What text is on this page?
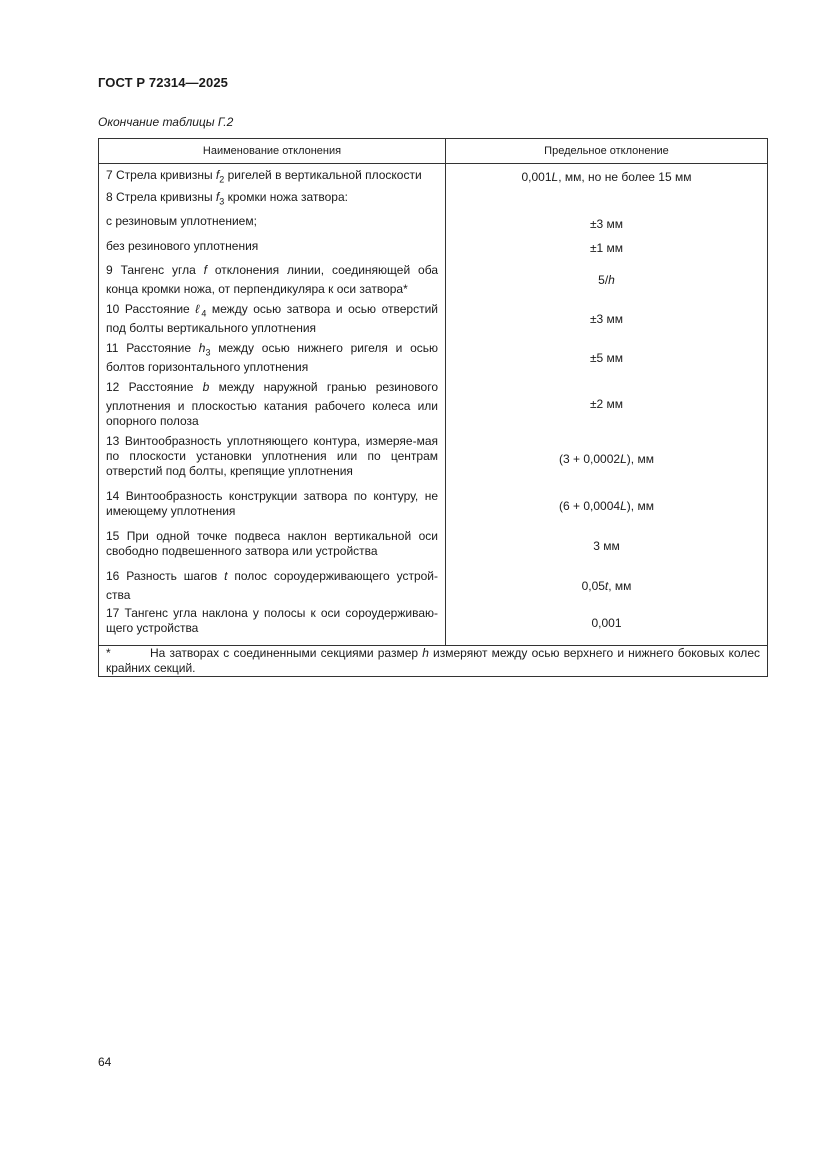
ГОСТ Р 72314—2025
Окончание таблицы Г.2
Наименование отклонения	Предельное отклонение
7 Стрела кривизны $f_2$ ригелей в вертикальной плоскости	0,001L, мм, но не более 15 мм
8 Стрела кривизны $f_3$ кромки ножа затвора:	
с резиновым уплотнением;	±3 мм
без резинового уплотнения	±1 мм
9 Тангенс угла f отклонения линии, соединяющей оба конца кромки ножа, от перпендикуляра к оси затвора*	5/h
10 Расстояние ℓ$_4$ между осью затвора и осью отверстий под болты вертикального уплотнения	±3 мм
11 Расстояние $h_3$ между осью нижнего ригеля и осью болтов горизонтального уплотнения	±5 мм
12 Расстояние b между наружной гранью резинового уплотнения и плоскостью катания рабочего колеса или опорного полоза	±2 мм
13 Винтообразность уплотняющего контура, измеряе-мая по плоскости установки уплотнения или по центрам отверстий под болты, крепящие уплотнения	(3 + 0,0002L), мм
14 Винтообразность конструкции затвора по контуру, не имеющему уплотнения	(6 + 0,0004L), мм
15 При одной точке подвеса наклон вертикальной оси свободно подвешенного затвора или устройства	3 мм
16 Разность шагов t полос сороудерживающего устрой-ства	0,05t, мм
17 Тангенс угла наклона у полосы к оси сороудерживаю-щего устройства	0,001
* На затворах с соединенными секциями размер h измеряют между осью верхнего и нижнего боковых колес крайних секций.	
64
